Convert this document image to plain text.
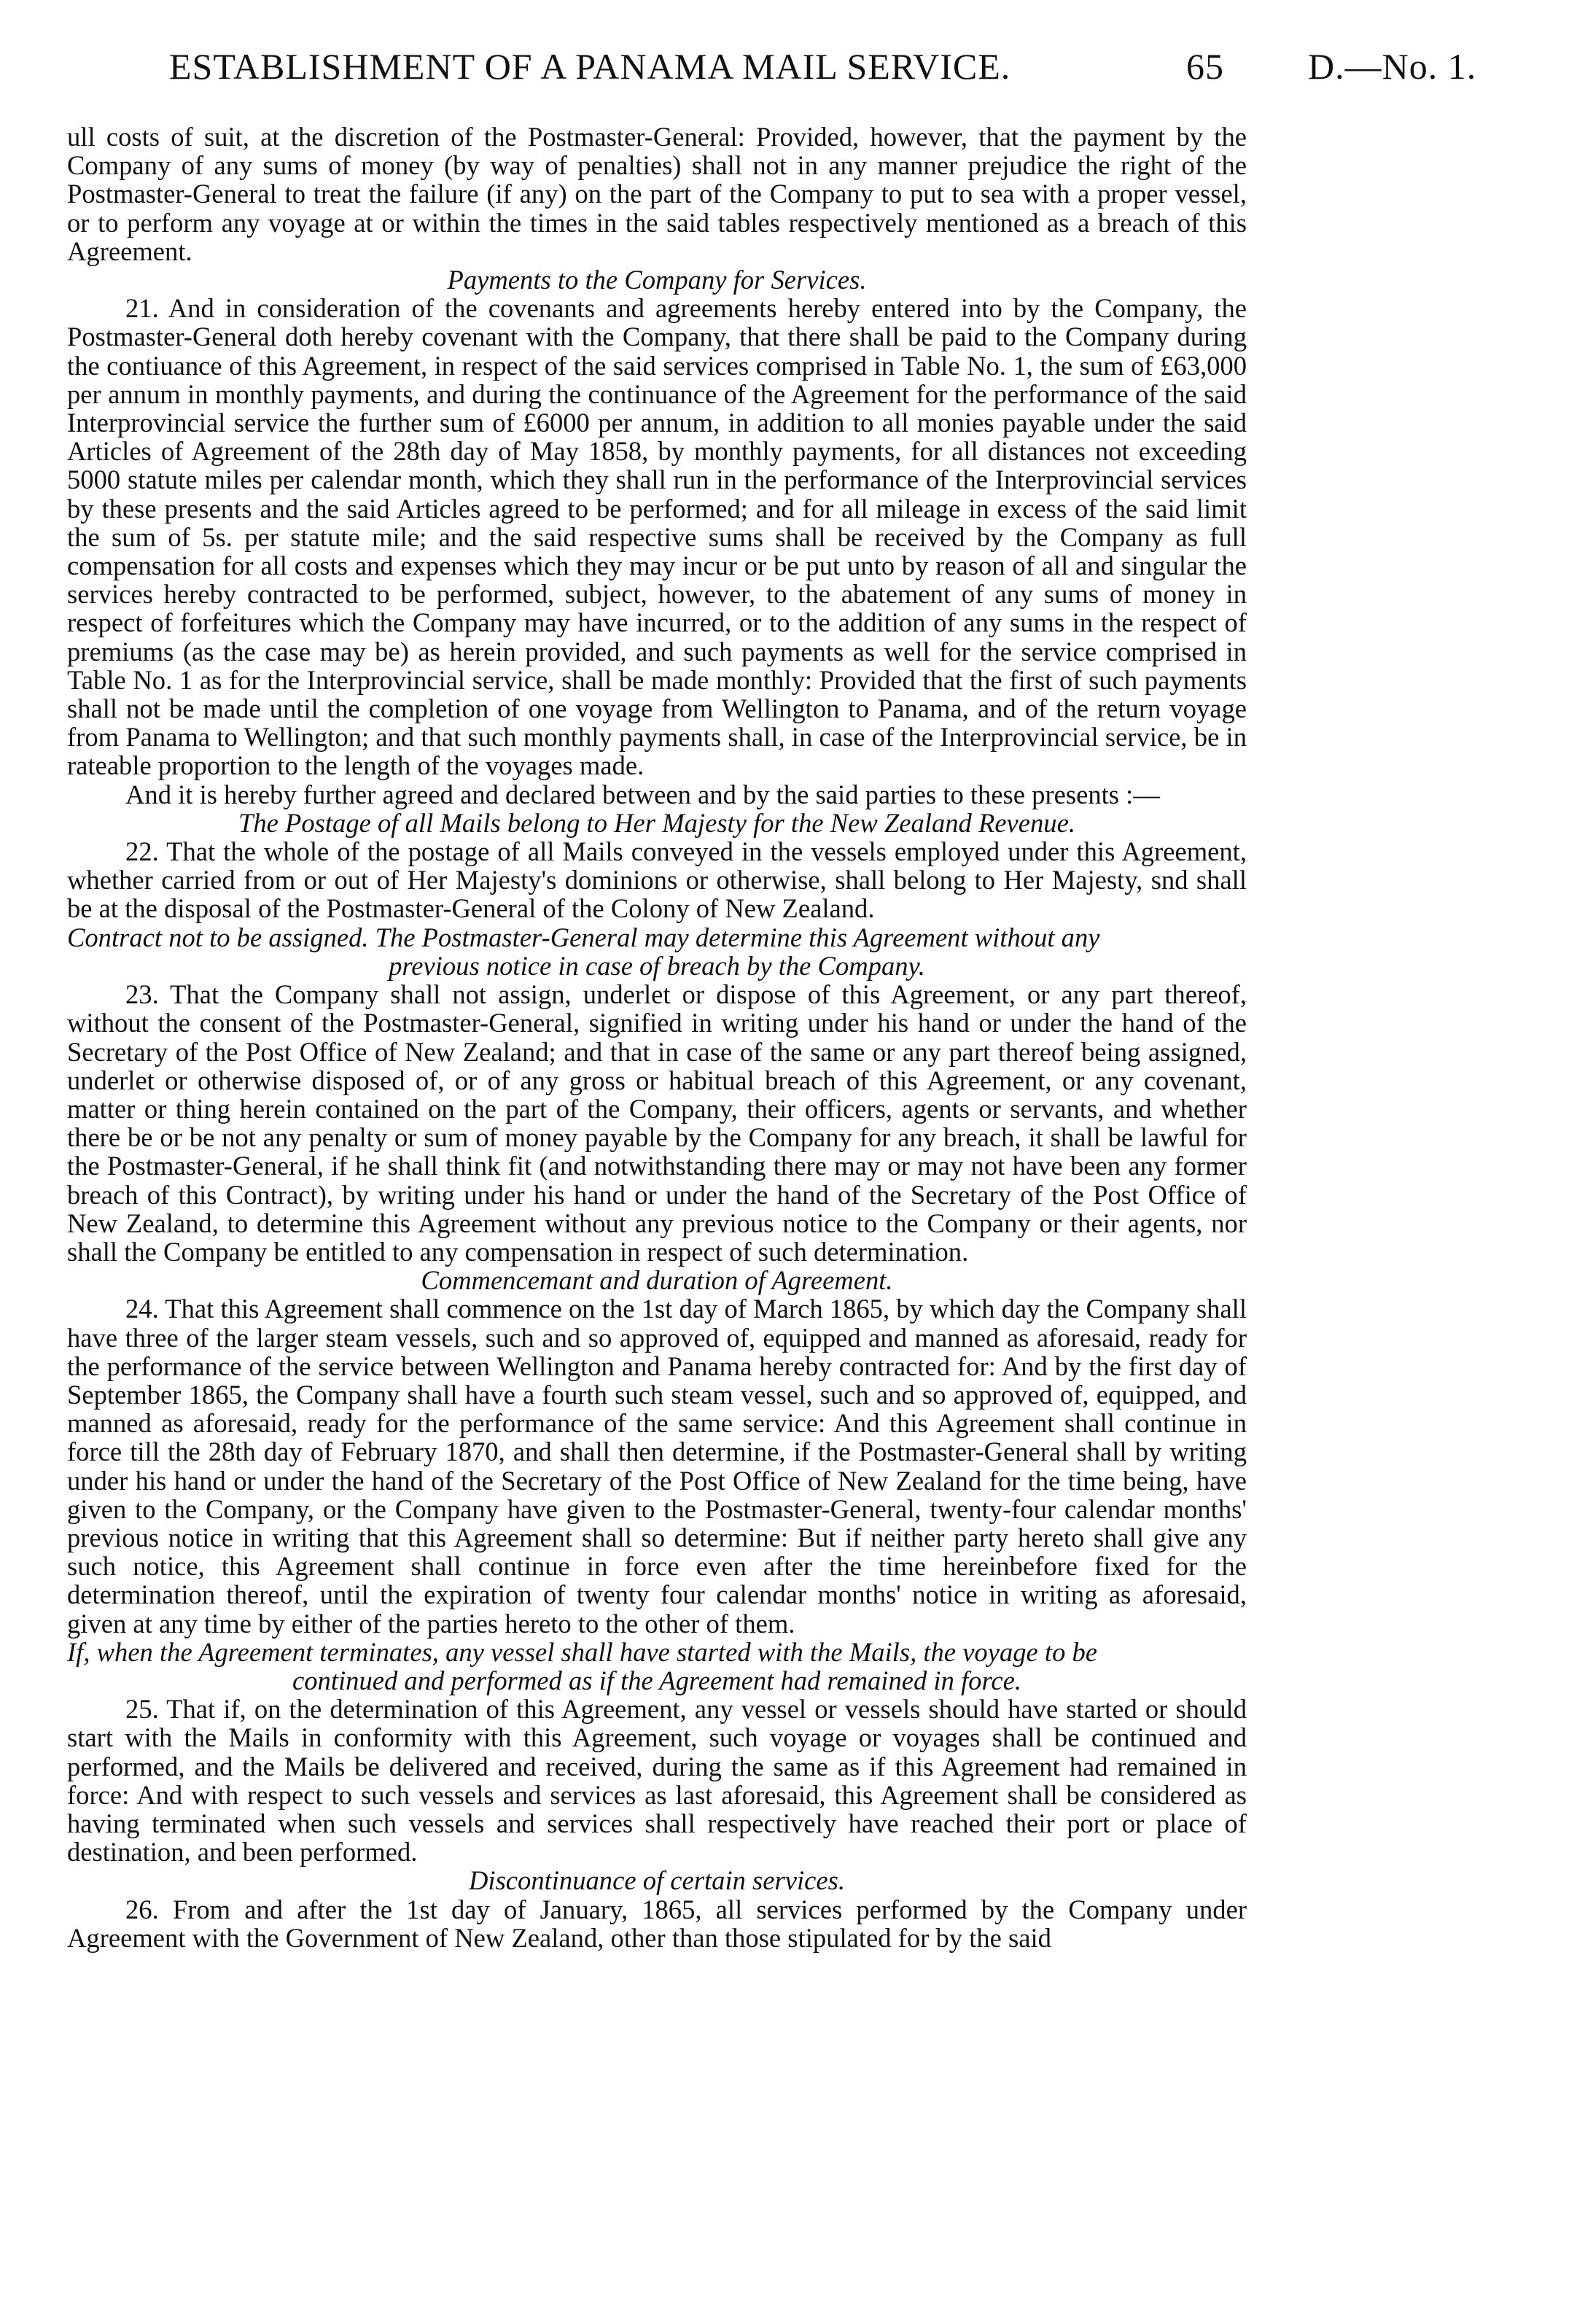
ESTABLISHMENT OF A PANAMA MAIL SERVICE.	65 D.—No. 1.

ull costs of suit, at the discretion of the Postmaster-General: Provided, however, that the payment by the Company of any sums of money (by way of penalties) shall not in any manner prejudice the right of the Postmaster-General to treat the failure (if any) on the part of the Company to put to sea with a proper vessel, or to perform any voyage at or within the times in the said tables respectively mentioned as a breach of this Agreement.

Payments to the Company for Services.

21. And in consideration of the covenants and agreements hereby entered into by the Company, the Postmaster-General doth hereby covenant with the Company, that there shall be paid to the Company during the contiuance of this Agreement, in respect of the said services comprised in Table No. 1, the sum of £63,000 per annum in monthly payments, and during the continuance of the Agreement for the performance of the said Interprovincial service the further sum of £6000 per annum, in addition to all monies payable under the said Articles of Agreement of the 28th day of May 1858, by monthly payments, for all distances not exceeding 5000 statute miles per calendar month, which they shall run in the performance of the Interprovincial services by these presents and the said Articles agreed to be performed; and for all mileage in excess of the said limit the sum of 5s. per statute mile; and the said respective sums shall be received by the Company as full compensation for all costs and expenses which they may incur or be put unto by reason of all and singular the services hereby contracted to be performed, subject, however, to the abatement of any sums of money in respect of forfeitures which the Company may have incurred, or to the addition of any sums in the respect of premiums (as the case may be) as herein provided, and such payments as well for the service comprised in Table No. 1 as for the Interprovincial service, shall be made monthly: Provided that the first of such payments shall not be made until the completion of one voyage from Wellington to Panama, and of the return voyage from Panama to Wellington; and that such monthly payments shall, in case of the Interprovincial service, be in rateable proportion to the length of the voyages made.

And it is hereby further agreed and declared between and by the said parties to these presents :—

The Postage of all Mails belong to Her Majesty for the New Zealand Revenue.

22. That the whole of the postage of all Mails conveyed in the vessels employed under this Agreement, whether carried from or out of Her Majesty's dominions or otherwise, shall belong to Her Majesty, snd shall be at the disposal of the Postmaster-General of the Colony of New Zealand.

Contract not to be assigned. The Postmaster-General may determine this Agreement without any
previous notice in case of breach by the Company.

23. That the Company shall not assign, underlet or dispose of this Agreement, or any part thereof, without the consent of the Postmaster-General, signified in writing under his hand or under the hand of the Secretary of the Post Office of New Zealand; and that in case of the same or any part thereof being assigned, underlet or otherwise disposed of, or of any gross or habitual breach of this Agreement, or any covenant, matter or thing herein contained on the part of the Company, their officers, agents or servants, and whether there be or be not any penalty or sum of money payable by the Company for any breach, it shall be lawful for the Postmaster-General, if he shall think fit (and notwithstanding there may or may not have been any former breach of this Contract), by writing under his hand or under the hand of the Secretary of the Post Office of New Zealand, to determine this Agreement without any previous notice to the Company or their agents, nor shall the Company be entitled to any compensation in respect of such determination.

Commencemant and duration of Agreement.

24. That this Agreement shall commence on the 1st day of March 1865, by which day the Company shall have three of the larger steam vessels, such and so approved of, equipped and manned as aforesaid, ready for the performance of the service between Wellington and Panama hereby contracted for: And by the first day of September 1865, the Company shall have a fourth such steam vessel, such and so approved of, equipped, and manned as aforesaid, ready for the performance of the same service: And this Agreement shall continue in force till the 28th day of February 1870, and shall then determine, if the Postmaster-General shall by writing under his hand or under the hand of the Secretary of the Post Office of New Zealand for the time being, have given to the Company, or the Company have given to the Postmaster-General, twenty-four calendar months' previous notice in writing that this Agreement shall so determine: But if neither party hereto shall give any such notice, this Agreement shall continue in force even after the time hereinbefore fixed for the determination thereof, until the expiration of twenty four calendar months' notice in writing as aforesaid, given at any time by either of the parties hereto to the other of them.

If, when the Agreement terminates, any vessel shall have started with the Mails, the voyage to be
continued and performed as if the Agreement had remained in force.

25. That if, on the determination of this Agreement, any vessel or vessels should have started or should start with the Mails in conformity with this Agreement, such voyage or voyages shall be continued and performed, and the Mails be delivered and received, during the same as if this Agreement had remained in force: And with respect to such vessels and services as last aforesaid, this Agreement shall be considered as having terminated when such vessels and services shall respectively have reached their port or place of destination, and been performed.

Discontinuance of certain services.

26. From and after the 1st day of January, 1865, all services performed by the Company under Agreement with the Government of New Zealand, other than those stipulated for by the said
